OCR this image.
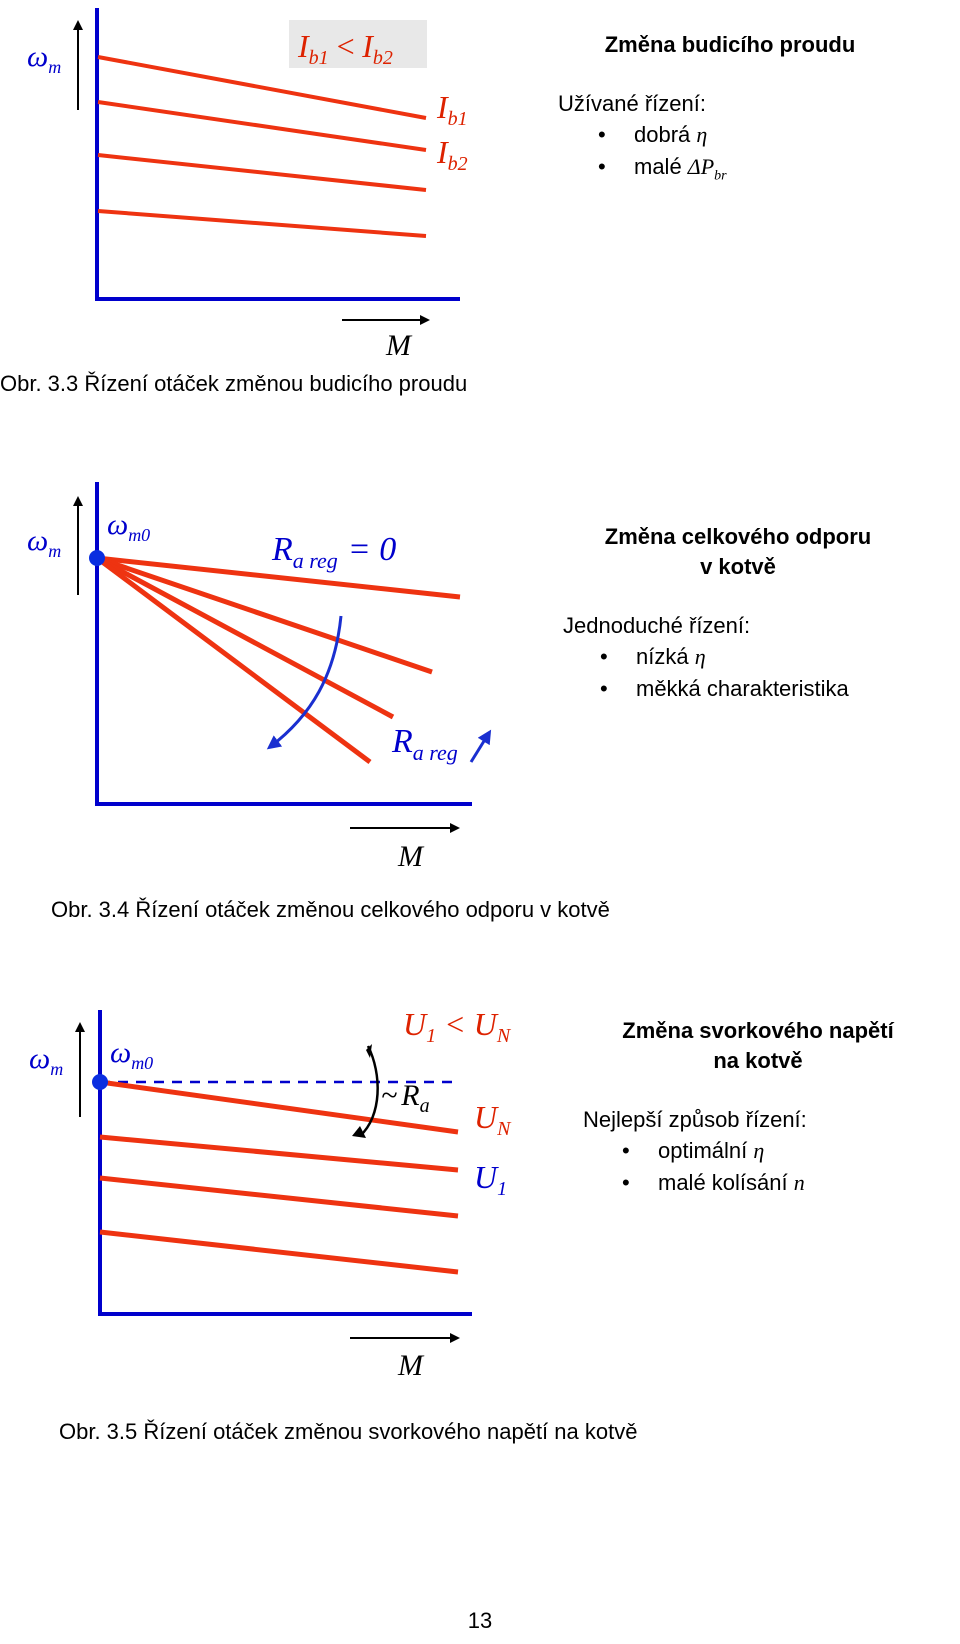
$\omega_m$
M
$I_{b1} < I_{b2}$
$I_{b1}$
$I_{b2}$
Změna budicího proudu
Užívané řízení:
• dobrá η
• malé $\Delta P_{br}$
Obr. 3.3 Řízení otáček změnou budicího proudu
$\omega_m$
$\omega_{m0}$
M
$R_{a reg} = 0$
$R_{a reg}$
Změna celkového odporu
v kotvě
Jednoduché řízení:
• nízká η
• měkká charakteristika
Obr. 3.4 Řízení otáček změnou celkového odporu v kotvě
$\omega_m$ $\omega_{m0}$
M
$U_1 < U_N$
~ $R_a$ $U_N$
$U_1$
Změna svorkového napětí
na kotvě
Nejlepší způsob řízení:
• optimální η
• malé kolísání n
Obr. 3.5 Řízení otáček změnou svorkového napětí na kotvě
13
